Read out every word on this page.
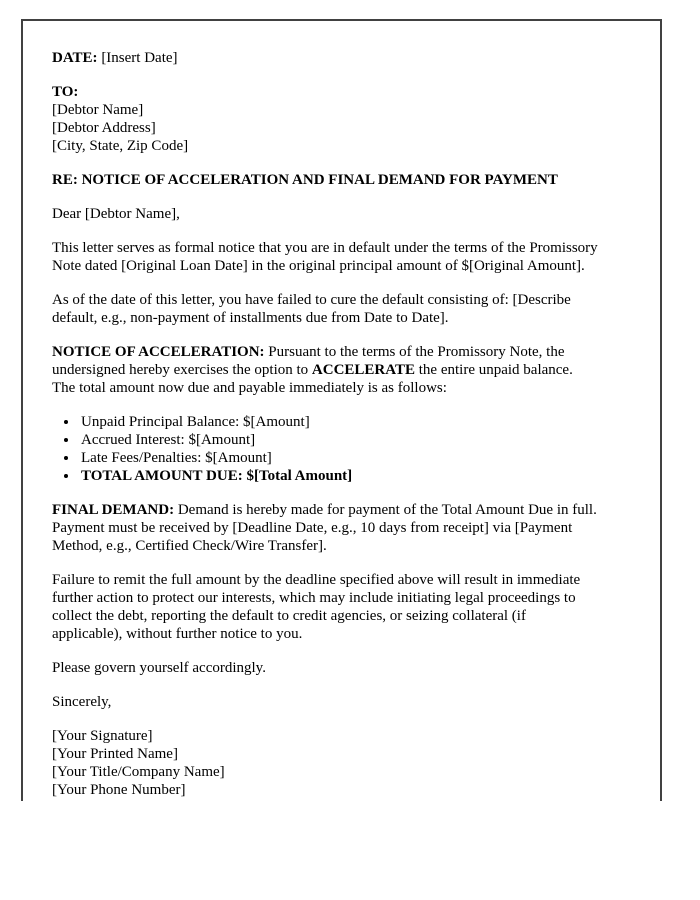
DATE: [Insert Date]

TO:
[Debtor Name]
[Debtor Address]
[City, State, Zip Code]

RE: NOTICE OF ACCELERATION AND FINAL DEMAND FOR PAYMENT

Dear [Debtor Name],

This letter serves as formal notice that you are in default under the terms of the Promissory
Note dated [Original Loan Date] in the original principal amount of $[Original Amount].

As of the date of this letter, you have failed to cure the default consisting of: [Describe
default, e.g., non-payment of installments due from Date to Date].

NOTICE OF ACCELERATION: Pursuant to the terms of the Promissory Note, the
undersigned hereby exercises the option to ACCELERATE the entire unpaid balance.
The total amount now due and payable immediately is as follows:

• Unpaid Principal Balance: $[Amount]
• Accrued Interest: $[Amount]
• Late Fees/Penalties: $[Amount]
• TOTAL AMOUNT DUE: $[Total Amount]

FINAL DEMAND: Demand is hereby made for payment of the Total Amount Due in full.
Payment must be received by [Deadline Date, e.g., 10 days from receipt] via [Payment
Method, e.g., Certified Check/Wire Transfer].

Failure to remit the full amount by the deadline specified above will result in immediate
further action to protect our interests, which may include initiating legal proceedings to
collect the debt, reporting the default to credit agencies, or seizing collateral (if
applicable), without further notice to you.

Please govern yourself accordingly.

Sincerely,

[Your Signature]
[Your Printed Name]
[Your Title/Company Name]
[Your Phone Number]
